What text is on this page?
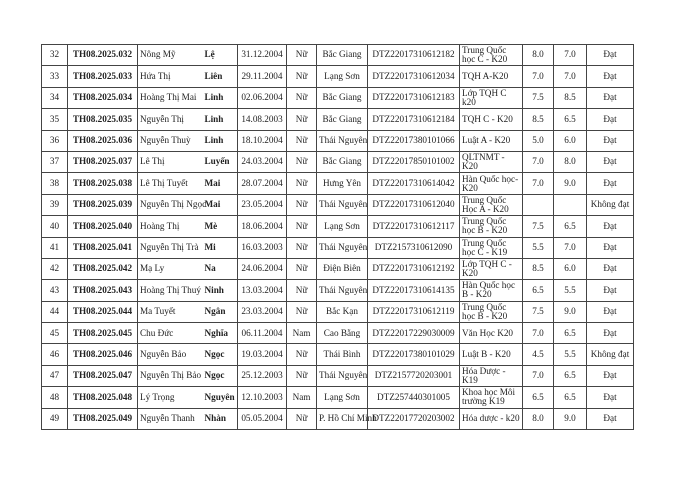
32	TH08.2025.032	Nông Mỹ	Lệ	31.12.2004	Nữ	Bắc Giang	DTZ22017310612182	Trung Quốc học C - K20	8.0	7.0	Đạt
33	TH08.2025.033	Hứa Thị	Liên	29.11.2004	Nữ	Lạng Sơn	DTZ22017310612034	TQH A-K20	7.0	7.0	Đạt
34	TH08.2025.034	Hoàng Thị Mai	Linh	02.06.2004	Nữ	Bắc Giang	DTZ22017310612183	Lớp TQH C k20	7.5	8.5	Đạt
35	TH08.2025.035	Nguyễn Thị	Linh	14.08.2003	Nữ	Bắc Giang	DTZ22017310612184	TQH C - K20	8.5	6.5	Đạt
36	TH08.2025.036	Nguyễn Thuỳ	Linh	18.10.2004	Nữ	Thái Nguyên	DTZ22017380101066	Luật A - K20	5.0	6.0	Đạt
37	TH08.2025.037	Lê Thị	Luyến	24.03.2004	Nữ	Bắc Giang	DTZ22017850101002	QLTNMT - K20	7.0	8.0	Đạt
38	TH08.2025.038	Lê Thị Tuyết	Mai	28.07.2004	Nữ	Hưng Yên	DTZ22017310614042	Hàn Quốc học- K20	7.0	9.0	Đạt
39	TH08.2025.039	Nguyễn Thị Ngọc	Mai	23.05.2004	Nữ	Thái Nguyên	DTZ22017310612040	Trung Quốc Học A - K20			Không đạt
40	TH08.2025.040	Hoàng Thị	Mè	18.06.2004	Nữ	Lạng Sơn	DTZ22017310612117	Trung Quốc học B - K20	7.5	6.5	Đạt
41	TH08.2025.041	Nguyễn Thị Trà	Mi	16.03.2003	Nữ	Thái Nguyên	DTZ2157310612090	Trung Quốc học C - K19	5.5	7.0	Đạt
42	TH08.2025.042	Mạ Ly	Na	24.06.2004	Nữ	Điện Biên	DTZ22017310612192	Lớp TQH C - K20	8.5	6.0	Đạt
43	TH08.2025.043	Hoàng Thị Thuý	Ninh	13.03.2004	Nữ	Thái Nguyên	DTZ22017310614135	Hàn Quốc học B - K20	6.5	5.5	Đạt
44	TH08.2025.044	Ma Tuyết	Ngân	23.03.2004	Nữ	Bắc Kạn	DTZ22017310612119	Trung Quốc học B - K20	7.5	9.0	Đạt
45	TH08.2025.045	Chu Đức	Nghĩa	06.11.2004	Nam	Cao Bằng	DTZ22017229030009	Văn Học K20	7.0	6.5	Đạt
46	TH08.2025.046	Nguyễn Bảo	Ngọc	19.03.2004	Nữ	Thái Bình	DTZ22017380101029	Luật B - K20	4.5	5.5	Không đạt
47	TH08.2025.047	Nguyễn Thị Bảo	Ngọc	25.12.2003	Nữ	Thái Nguyên	DTZ2157720203001	Hóa Dược - K19	7.0	6.5	Đạt
48	TH08.2025.048	Lý Trọng	Nguyên	12.10.2003	Nam	Lạng Sơn	DTZ257440301005	Khoa học Môi trường K19	6.5	6.5	Đạt
49	TH08.2025.049	Nguyễn Thanh	Nhàn	05.05.2004	Nữ	P. Hồ Chí Minh	DTZ22017720203002	Hóa dược - k20	8.0	9.0	Đạt
